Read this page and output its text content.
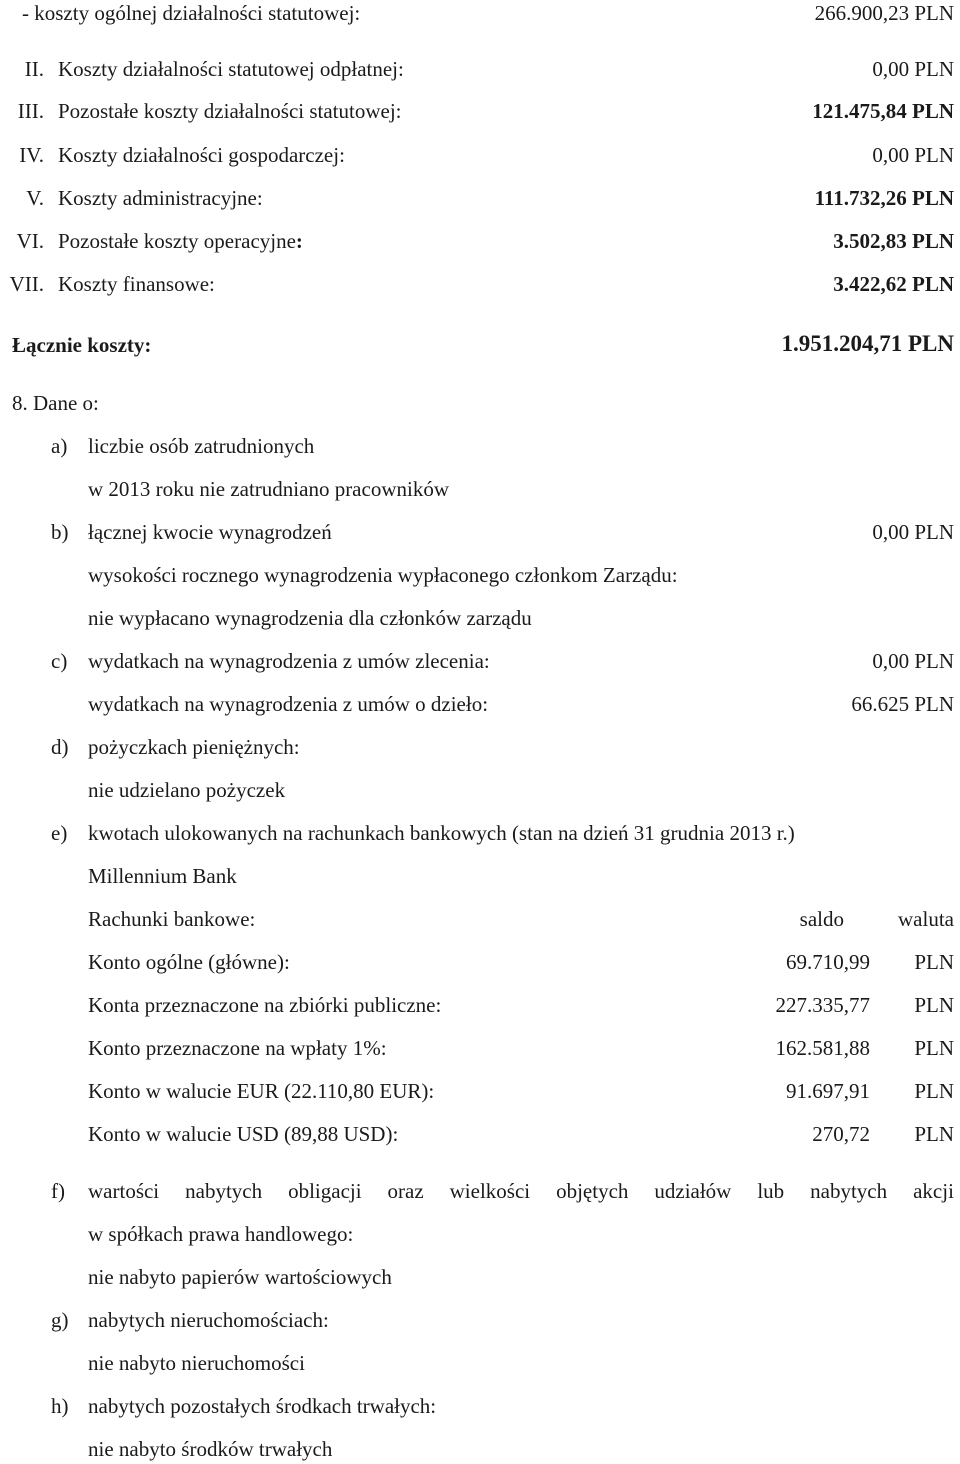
- koszty ogólnej działalności statutowej:	266.900,23 PLN
II. Koszty działalności statutowej odpłatnej:	0,00 PLN
III. Pozostałe koszty działalności statutowej:	121.475,84 PLN
IV. Koszty działalności gospodarczej:	0,00 PLN
V. Koszty administracyjne:	111.732,26 PLN
VI. Pozostałe koszty operacyjne:	3.502,83 PLN
VII. Koszty finansowe:	3.422,62 PLN
Łącznie koszty:	1.951.204,71 PLN
8. Dane o:
a) liczbie osób zatrudnionych
w 2013 roku nie zatrudniano pracowników
b) łącznej kwocie wynagrodzeń	0,00 PLN
wysokości rocznego wynagrodzenia wypłaconego członkom Zarządu:
nie wypłacano wynagrodzenia dla członków zarządu
c) wydatkach na wynagrodzenia z umów zlecenia:	0,00 PLN
wydatkach na wynagrodzenia z umów o dzieło:	66.625 PLN
d) pożyczkach pieniężnych:
nie udzielano pożyczek
e) kwotach ulokowanych na rachunkach bankowych (stan na dzień 31 grudnia 2013 r.)
Millennium Bank
Rachunki bankowe:	saldo	waluta
Konto ogólne (główne):	69.710,99 PLN
Konta przeznaczone na zbiórki publiczne:	227.335,77 PLN
Konto przeznaczone na wpłaty 1%:	162.581,88 PLN
Konto w walucie EUR (22.110,80 EUR):	91.697,91 PLN
Konto w walucie USD (89,88 USD):	270,72 PLN
f) wartości nabytych obligacji oraz wielkości objętych udziałów lub nabytych akcji
w spółkach prawa handlowego:
nie nabyto papierów wartościowych
g) nabytych nieruchomościach:
nie nabyto nieruchomości
h) nabytych pozostałych środkach trwałych:
nie nabyto środków trwałych
